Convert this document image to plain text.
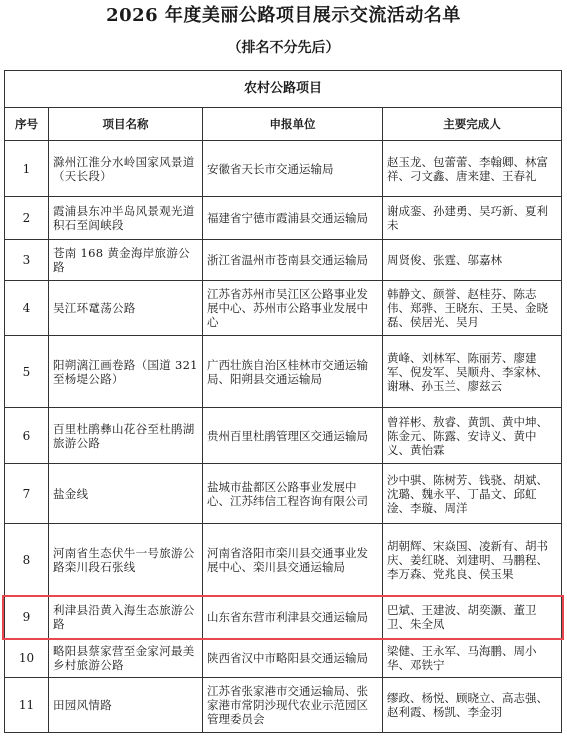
2026 年度美丽公路项目展示交流活动名单
（排名不分先后）
农村公路项目			
序号	项目名称	申报单位	主要完成人
1	滁州江淮分水岭国家风景道（天长段）	安徽省天长市交通运输局	赵玉龙、包蕾蕾、李翰卿、林富祥、刁文鑫、唐来建、王春礼
2	霞浦县东冲半岛风景观光道积石至闾峡段	福建省宁德市霞浦县交通运输局	谢成銮、孙建勇、吴巧新、夏利未
3	苍南 168 黄金海岸旅游公路	浙江省温州市苍南县交通运输局	周贤俊、张霆、邬嘉林
4	吴江环鼋荡公路	江苏省苏州市吴江区公路事业发展中心、苏州市公路事业发展中心	韩静文、颜誉、赵桂芬、陈志伟、郑骅、王晓东、王昊、金晓磊、侯居光、吴月
5	阳朔漓江画卷路（国道 321 至杨堤公路）	广西壮族自治区桂林市交通运输局、阳朔县交通运输局	黄峰、刘林军、陈丽芳、廖建军、倪发军、吴顺舟、李家林、谢琳、孙玉兰、廖兹云
6	百里杜鹃彝山花谷至杜鹃湖旅游公路	贵州百里杜鹃管理区交通运输局	曾祥彬、敖睿、黄凯、黄中坤、陈金元、陈露、安诗义、黄中义、黄怡霖
7	盐金线	盐城市盐都区公路事业发展中心、江苏纬信工程咨询有限公司	沙中骐、陈树芳、钱骁、胡斌、沈璐、魏永平、丁晶文、邱虹淦、李璇、周洋
8	河南省生态伏牛一号旅游公路栾川段石张线	河南省洛阳市栾川县交通事业发展中心、栾川县交通运输局	胡朝辉、宋焱国、凌新有、胡书庆、姜红晓、刘建明、马鹏程、李万森、党兆良、侯玉果
9	利津县沿黄入海生态旅游公路	山东省东营市利津县交通运输局	巴斌、王建波、胡奕灏、董卫卫、朱全凤
10	略阳县蔡家营至金家河最美乡村旅游公路	陕西省汉中市略阳县交通运输局	梁健、王永军、马海鹏、周小华、邓铁宁
11	田园风情路	江苏省张家港市交通运输局、张家港市常阴沙现代农业示范园区管理委员会	缪政、杨悦、顾晓立、高志强、赵利霞、杨凯、李金羽
